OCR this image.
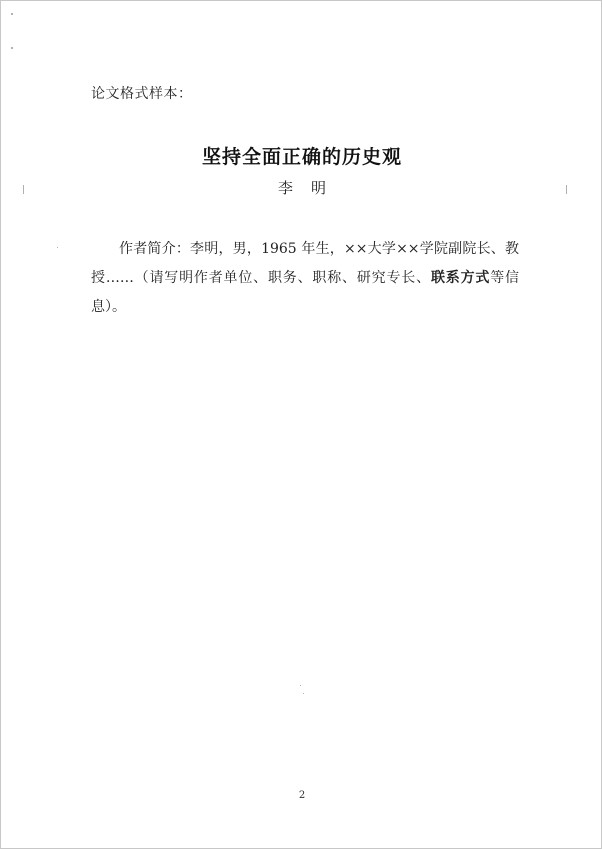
论文格式样本：
坚持全面正确的历史观
李明
作者简介：李明，男，1965 年生，××大学××学院副院长、教授……（请写明作者单位、职务、职称、研究专长、联系方式等信息）。
2
